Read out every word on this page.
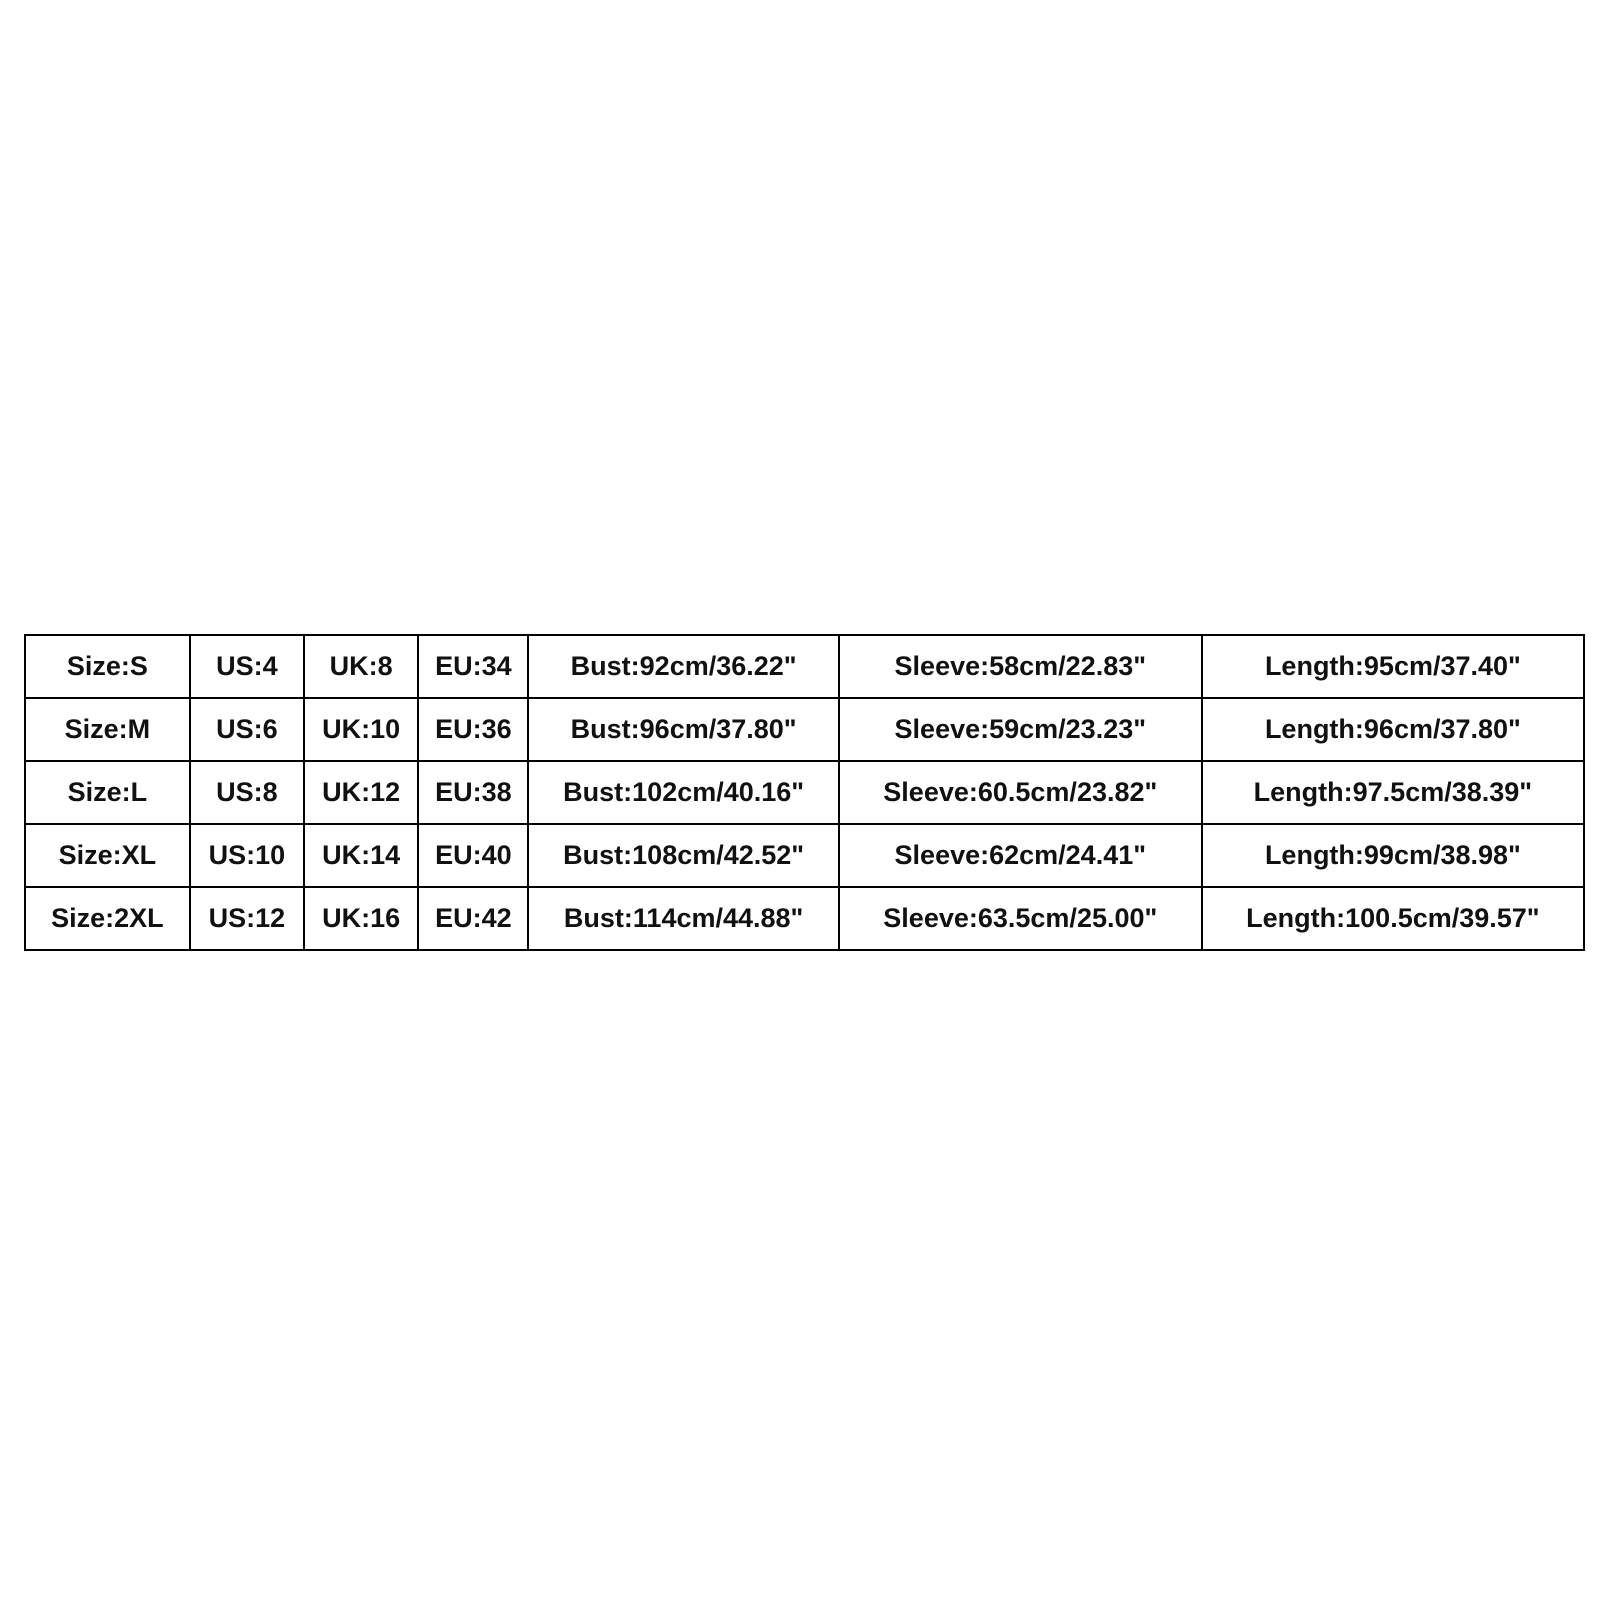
Size:S	US:4	UK:8	EU:34	Bust:92cm/36.22"	Sleeve:58cm/22.83"	Length:95cm/37.40"
Size:M	US:6	UK:10	EU:36	Bust:96cm/37.80"	Sleeve:59cm/23.23"	Length:96cm/37.80"
Size:L	US:8	UK:12	EU:38	Bust:102cm/40.16"	Sleeve:60.5cm/23.82"	Length:97.5cm/38.39"
Size:XL	US:10	UK:14	EU:40	Bust:108cm/42.52"	Sleeve:62cm/24.41"	Length:99cm/38.98"
Size:2XL	US:12	UK:16	EU:42	Bust:114cm/44.88"	Sleeve:63.5cm/25.00"	Length:100.5cm/39.57"
